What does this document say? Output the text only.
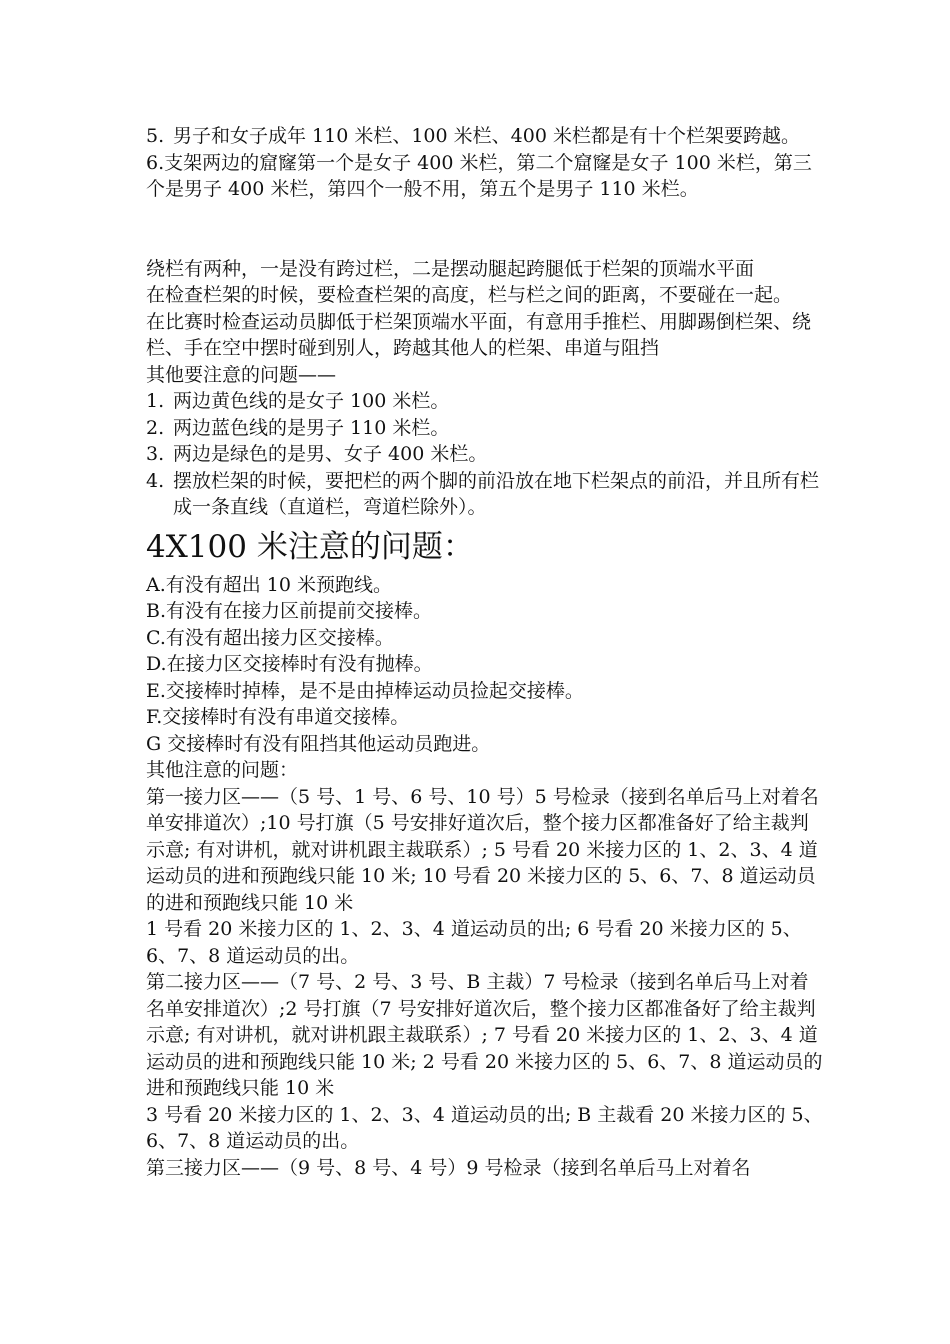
5. 男子和女子成年 110 米栏、100 米栏、400 米栏都是有十个栏架要跨越。

6.支架两边的窟窿第一个是女子 400 米栏，第二个窟窿是女子 100 米栏，第三个是男子 400 米栏，第四个一般不用，第五个是男子 110 米栏。

绕栏有两种，一是没有跨过栏，二是摆动腿起跨腿低于栏架的顶端水平面

在检查栏架的时候，要检查栏架的高度，栏与栏之间的距离，不要碰在一起。

在比赛时检查运动员脚低于栏架顶端水平面，有意用手推栏、用脚踢倒栏架、绕栏、手在空中摆时碰到别人，跨越其他人的栏架、串道与阻挡

其他要注意的问题——

1. 两边黄色线的是女子 100 米栏。
2. 两边蓝色线的是男子 110 米栏。
3. 两边是绿色的是男、女子 400 米栏。
4. 摆放栏架的时候，要把栏的两个脚的前沿放在地下栏架点的前沿，并且所有栏成一条直线（直道栏，弯道栏除外）。
4X100 米注意的问题：

A.有没有超出 10 米预跑线。

B.有没有在接力区前提前交接棒。

C.有没有超出接力区交接棒。

D.在接力区交接棒时有没有抛棒。

E.交接棒时掉棒，是不是由掉棒运动员捡起交接棒。

F.交接棒时有没有串道交接棒。

G 交接棒时有没有阻挡其他运动员跑进。

其他注意的问题：

第一接力区——（5 号、1 号、6 号、10 号）5 号检录（接到名单后马上对着名单安排道次）;10 号打旗（5 号安排好道次后，整个接力区都准备好了给主裁判示意; 有对讲机，就对讲机跟主裁联系）; 5 号看 20 米接力区的 1、2、3、4 道运动员的进和预跑线只能 10 米; 10 号看 20 米接力区的 5、6、7、8 道运动员的进和预跑线只能 10 米

1 号看 20 米接力区的 1、2、3、4 道运动员的出; 6 号看 20 米接力区的 5、6、7、8 道运动员的出。

第二接力区——（7 号、2 号、3 号、B 主裁）7 号检录（接到名单后马上对着名单安排道次）;2 号打旗（7 号安排好道次后，整个接力区都准备好了给主裁判示意; 有对讲机，就对讲机跟主裁联系）; 7 号看 20 米接力区的 1、2、3、4 道运动员的进和预跑线只能 10 米; 2 号看 20 米接力区的 5、6、7、8 道运动员的进和预跑线只能 10 米

3 号看 20 米接力区的 1、2、3、4 道运动员的出; B 主裁看 20 米接力区的 5、6、7、8 道运动员的出。

第三接力区——（9 号、8 号、4 号）9 号检录（接到名单后马上对着名
